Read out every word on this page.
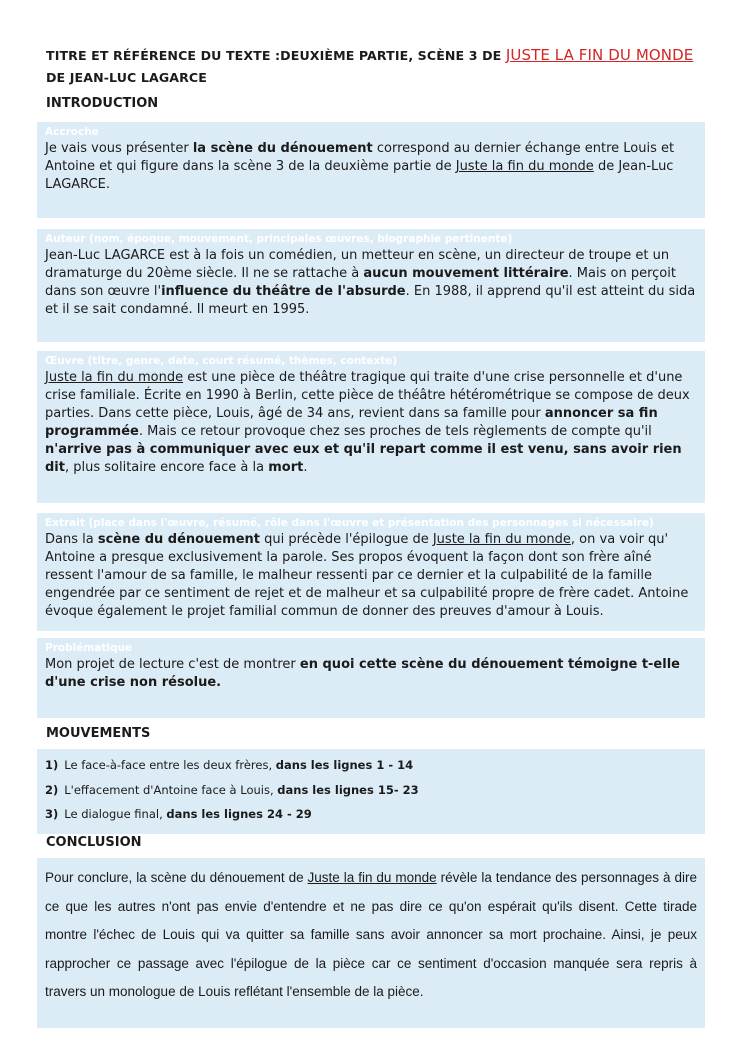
TITRE ET RÉFÉRENCE DU TEXTE :DEUXIÈME PARTIE, SCÈNE 3 DE JUSTE LA FIN DU MONDE DE JEAN-LUC LAGARCE
INTRODUCTION
Accroche

Je vais vous présenter la scène du dénouement correspond au dernier échange entre Louis et Antoine et qui figure dans la scène 3 de la deuxième partie de Juste la fin du monde de Jean-Luc LAGARCE.

Auteur (nom, époque, mouvement, principales œuvres, biographie pertinente)

Jean-Luc LAGARCE est à la fois un comédien, un metteur en scène, un directeur de troupe et un dramaturge du 20ème siècle. Il ne se rattache à aucun mouvement littéraire. Mais on perçoit dans son œuvre l'influence du théâtre de l'absurde. En 1988, il apprend qu'il est atteint du sida et il se sait condamné. Il meurt en 1995.

Œuvre (titre, genre, date, court résumé, thèmes, contexte)

Juste la fin du monde est une pièce de théâtre tragique qui traite d'une crise personnelle et d'une crise familiale. Écrite en 1990 à Berlin, cette pièce de théâtre hétérométrique se compose de deux parties. Dans cette pièce, Louis, âgé de 34 ans, revient dans sa famille pour annoncer sa fin programmée. Mais ce retour provoque chez ses proches de tels règlements de compte qu'il n'arrive pas à communiquer avec eux et qu'il repart comme il est venu, sans avoir rien dit, plus solitaire encore face à la mort.

Extrait (place dans l'œuvre, résumé, rôle dans l'œuvre et présentation des personnages si nécessaire)

Dans la scène du dénouement qui précède l'épilogue de Juste la fin du monde, on va voir qu' Antoine a presque exclusivement la parole. Ses propos évoquent la façon dont son frère aîné ressent l'amour de sa famille, le malheur ressenti par ce dernier et la culpabilité de la famille engendrée par ce sentiment de rejet et de malheur et sa culpabilité propre de frère cadet. Antoine évoque également le projet familial commun de donner des preuves d'amour à Louis.

Problématique

Mon projet de lecture c'est de montrer en quoi cette scène du dénouement témoigne t-elle d'une crise non résolue.

MOUVEMENTS
1) Le face-à-face entre les deux frères, dans les lignes 1 - 14
2) L'effacement d'Antoine face à Louis, dans les lignes 15- 23
3) Le dialogue final, dans les lignes 24 - 29
CONCLUSION

Pour conclure, la scène du dénouement de Juste la fin du monde révèle la tendance des personnages à dire ce que les autres n'ont pas envie d'entendre et ne pas dire ce qu'on espérait qu'ils disent. Cette tirade montre l'échec de Louis qui va quitter sa famille sans avoir annoncer sa mort prochaine. Ainsi, je peux rapprocher ce passage avec l'épilogue de la pièce car ce sentiment d'occasion manquée sera repris à travers un monologue de Louis reflétant l'ensemble de la pièce.
